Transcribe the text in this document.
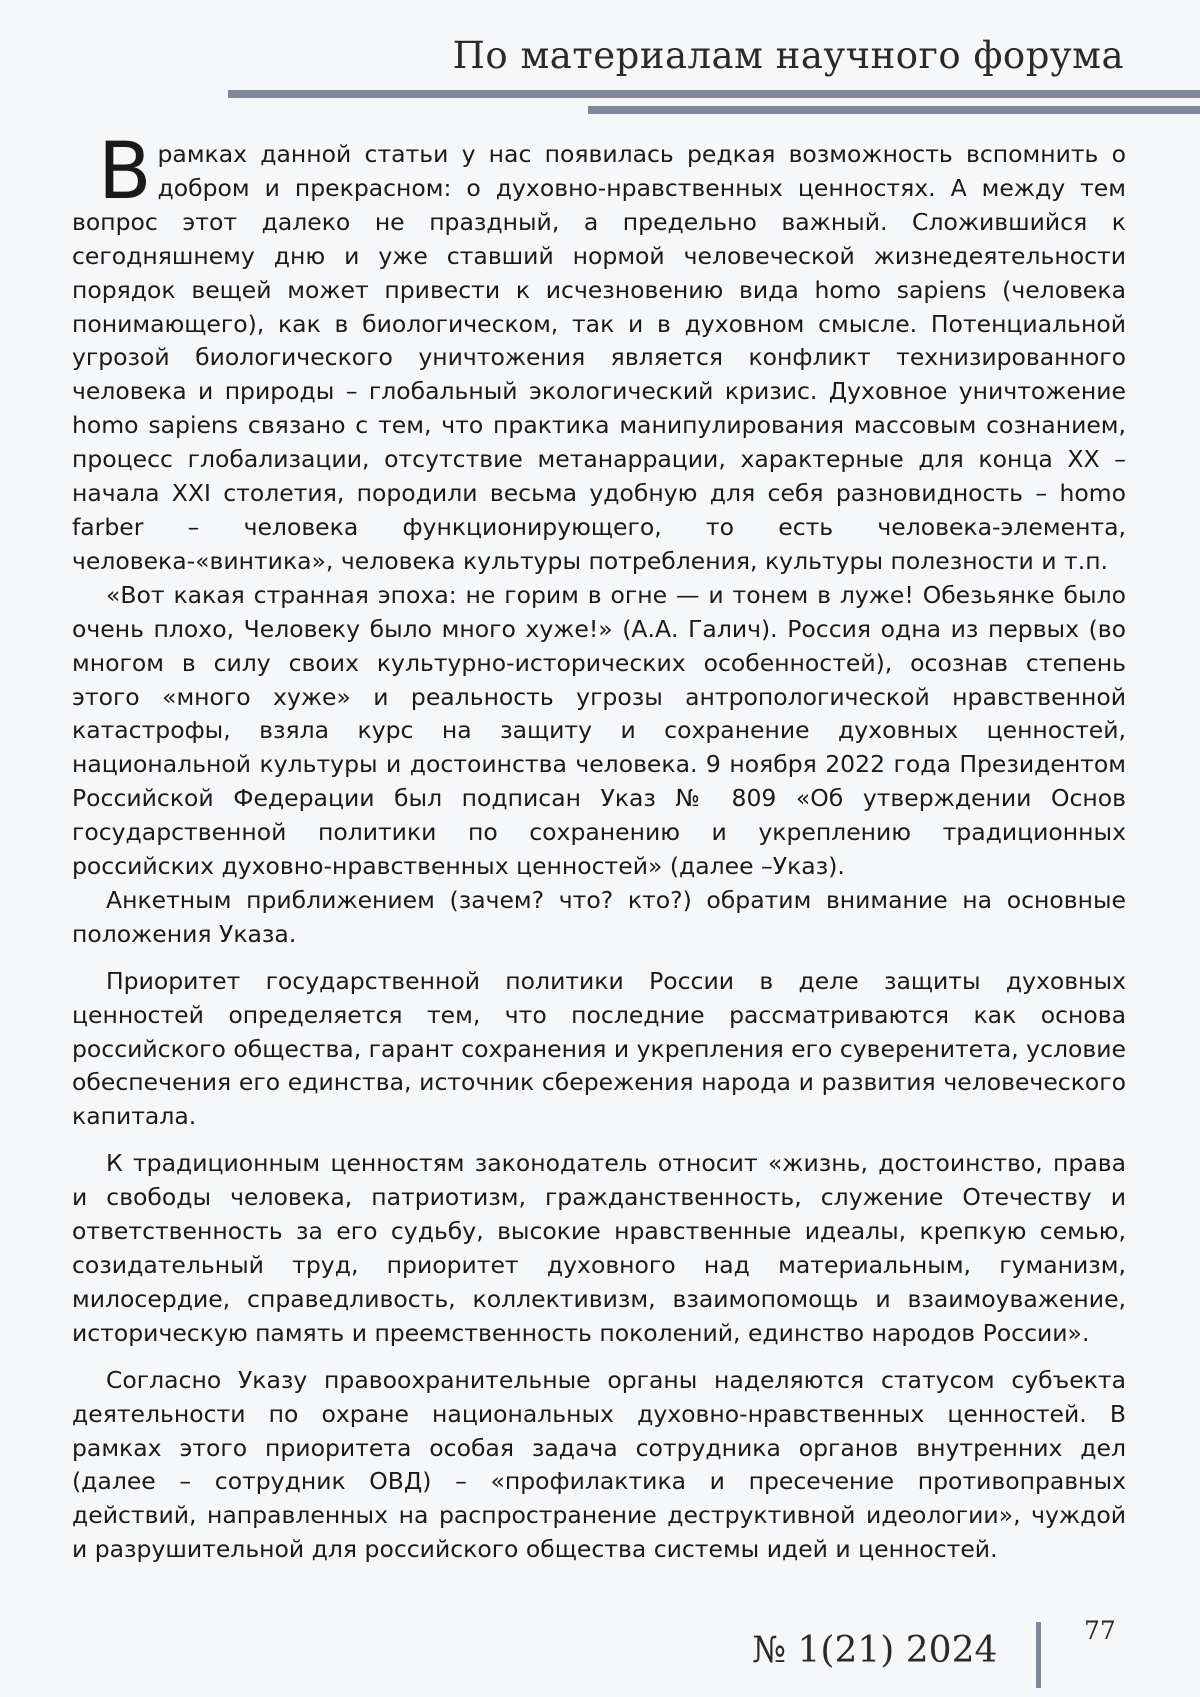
По материалам научного форума

В рамках данной статьи у нас появилась редкая возможность вспомнить о добром и прекрасном: о духовно-нравственных ценностях. А между тем вопрос этот далеко не праздный, а предельно важный. Сложившийся к сегодняшнему дню и уже ставший нормой человеческой жизнедеятельности порядок вещей может привести к исчезновению вида homo sapiens (человека понимающего), как в биологическом, так и в духовном смысле. Потенциальной угрозой биологического уничтожения является конфликт технизированного человека и природы – глобальный экологический кризис. Духовное уничтожение homo sapiens связано с тем, что практика манипулирования массовым сознанием, процесс глобализации, отсутствие метанаррации, характерные для конца XX – начала XXI столетия, породили весьма удобную для себя разновидность – homo farber – человека функционирующего, то есть человека-элемента, человека-«винтика», человека культуры потребления, культуры полезности и т.п.

«Вот какая странная эпоха: не горим в огне — и тонем в луже! Обезьянке было очень плохо, Человеку было много хуже!» (А.А. Галич). Россия одна из первых (во многом в силу своих культурно-исторических особенностей), осознав степень этого «много хуже» и реальность угрозы антропологической нравственной катастрофы, взяла курс на защиту и сохранение духовных ценностей, национальной культуры и достоинства человека. 9 ноября 2022 года Президентом Российской Федерации был подписан Указ № 809 «Об утверждении Основ государственной политики по сохранению и укреплению традиционных российских духовно-нравственных ценностей» (далее –Указ).

Анкетным приближением (зачем? что? кто?) обратим внимание на основные положения Указа.

Приоритет государственной политики России в деле защиты духовных ценностей определяется тем, что последние рассматриваются как основа российского общества, гарант сохранения и укрепления его суверенитета, условие обеспечения его единства, источник сбережения народа и развития человеческого капитала.

К традиционным ценностям законодатель относит «жизнь, достоинство, права и свободы человека, патриотизм, гражданственность, служение Отечеству и ответственность за его судьбу, высокие нравственные идеалы, крепкую семью, созидательный труд, приоритет духовного над материальным, гуманизм, милосердие, справедливость, коллективизм, взаимопомощь и взаимоуважение, историческую память и преемственность поколений, единство народов России».

Согласно Указу правоохранительные органы наделяются статусом субъекта деятельности по охране национальных духовно-нравственных ценностей. В рамках этого приоритета особая задача сотрудника органов внутренних дел (далее – сотрудник ОВД) – «профилактика и пресечение противоправных действий, направленных на распространение деструктивной идеологии», чуждой и разрушительной для российского общества системы идей и ценностей.

№ 1(21) 2024	77
